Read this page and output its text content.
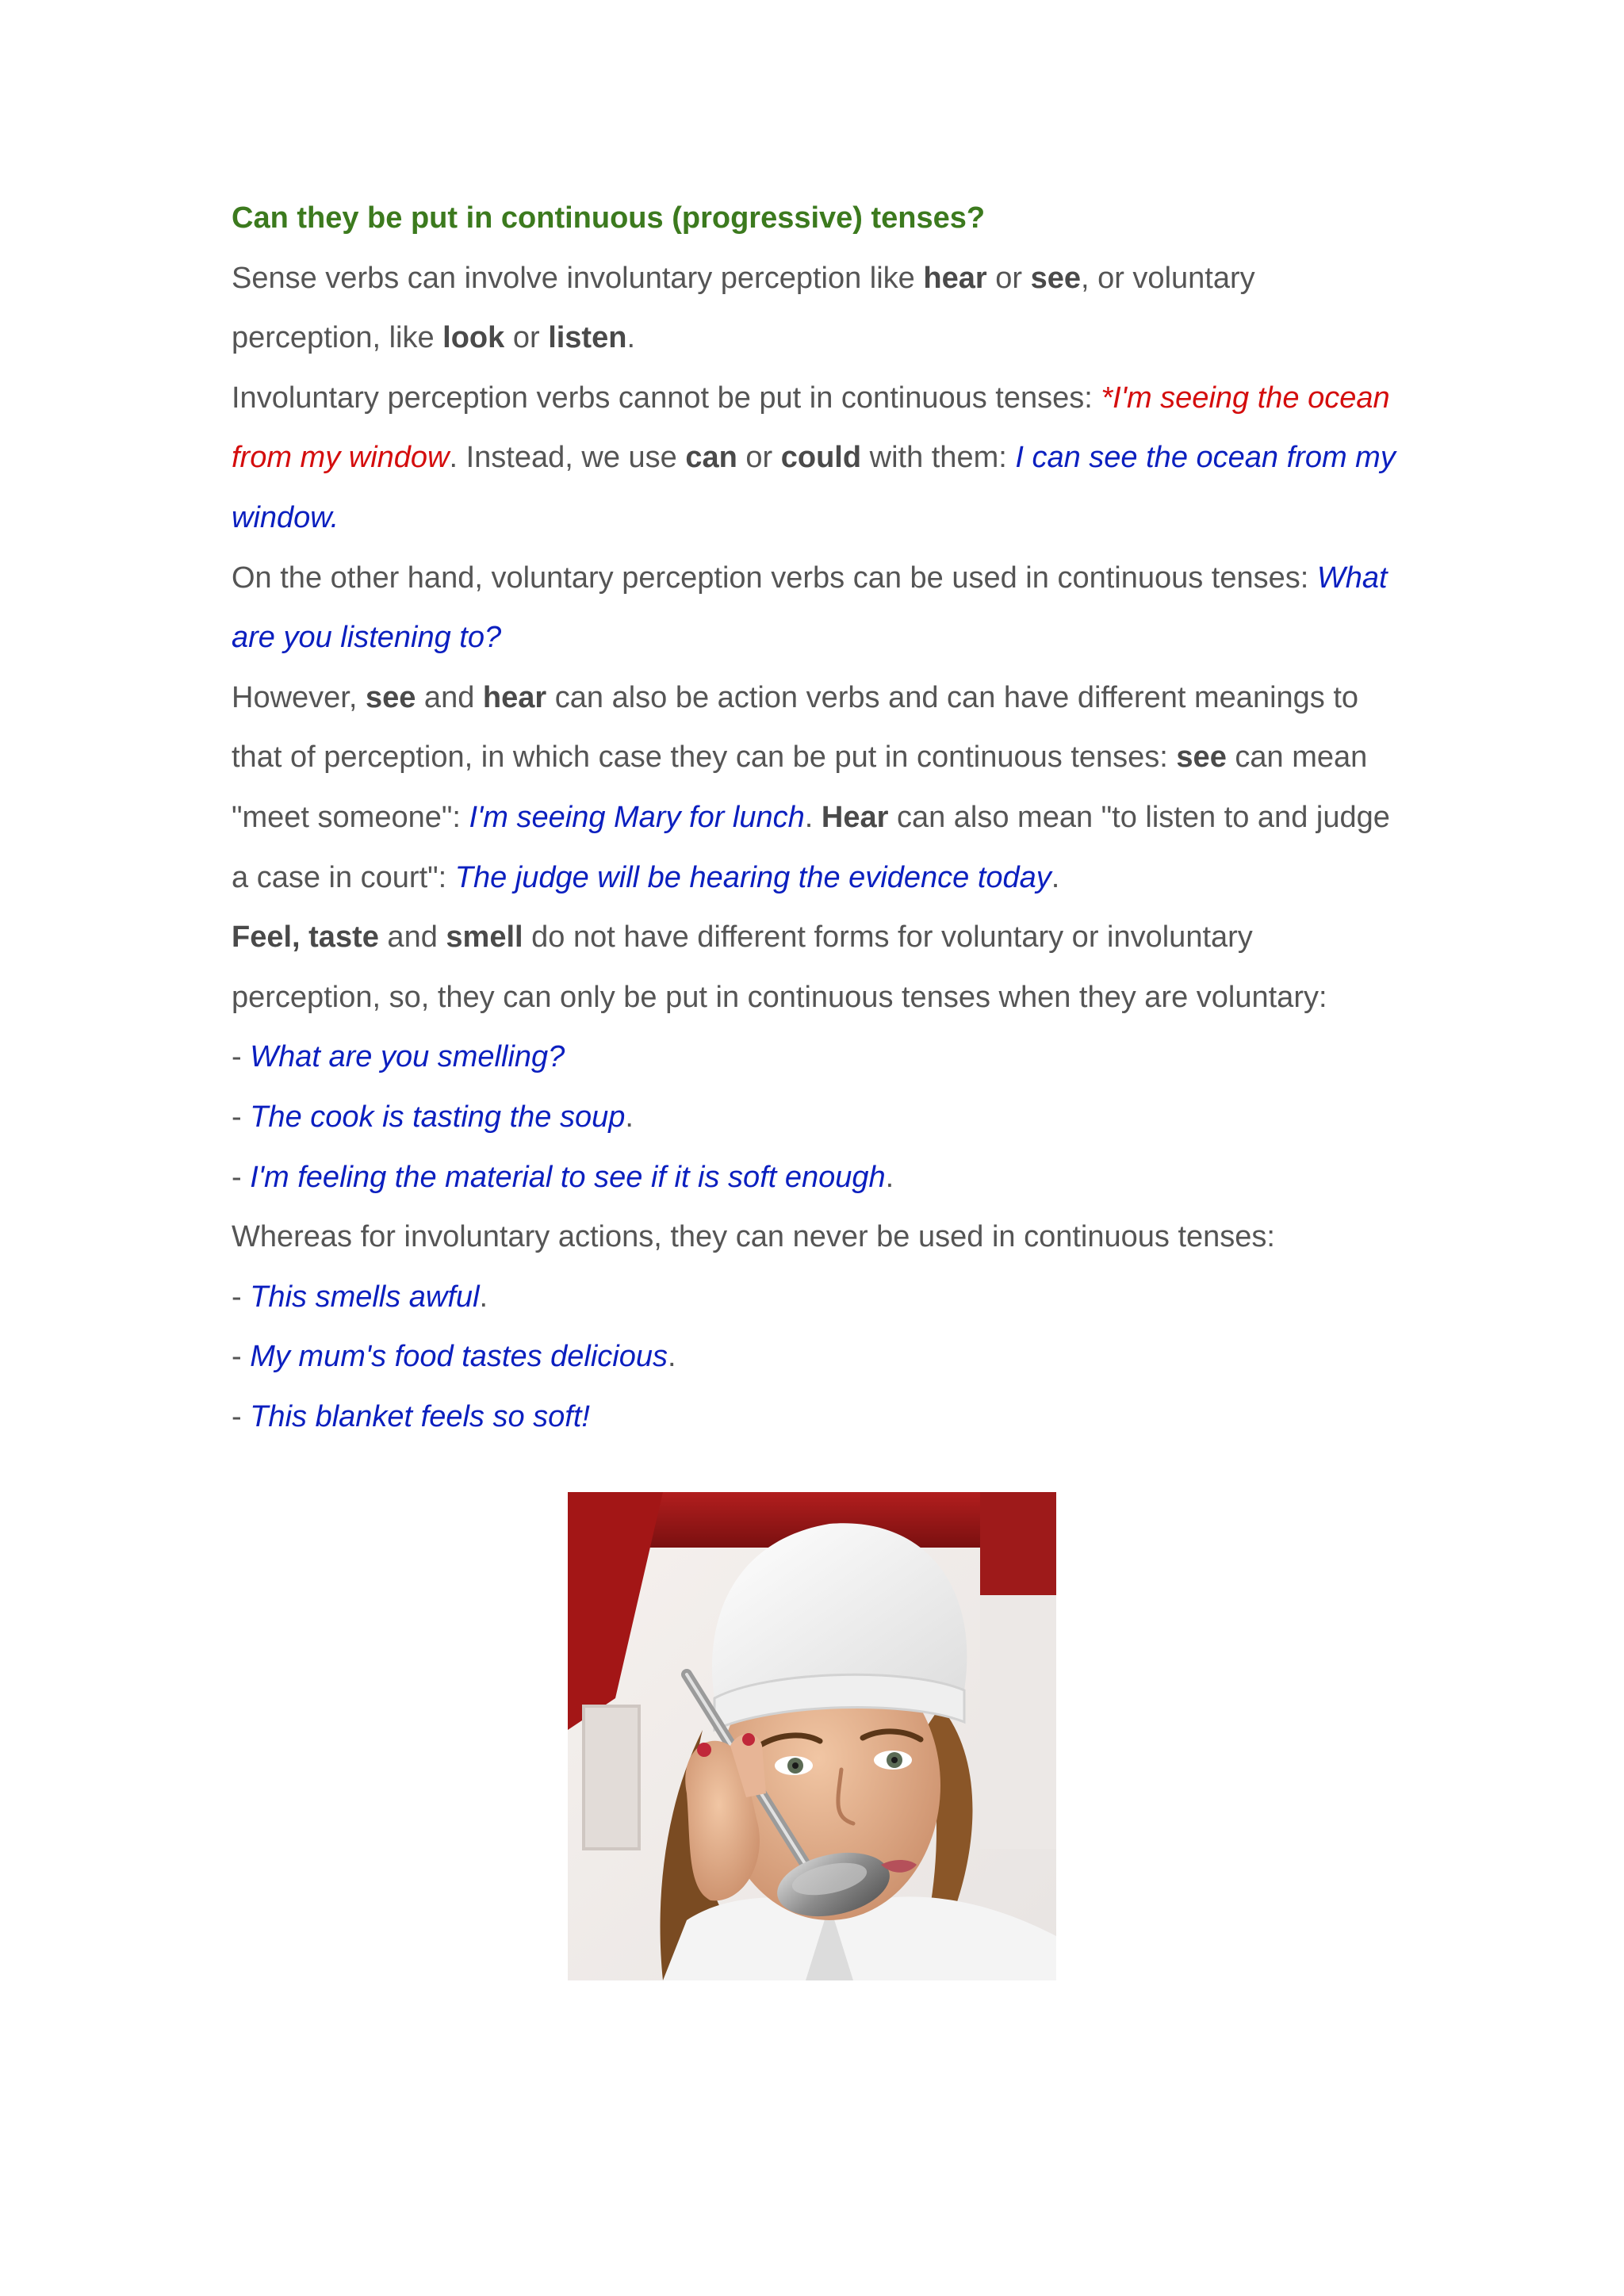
Can they be put in continuous (progressive) tenses?

Sense verbs can involve involuntary perception like hear or see, or voluntary perception, like look or listen.

Involuntary perception verbs cannot be put in continuous tenses: *I'm seeing the ocean from my window. Instead, we use can or could with them: I can see the ocean from my window.

On the other hand, voluntary perception verbs can be used in continuous tenses: What are you listening to?

However, see and hear can also be action verbs and can have different meanings to that of perception, in which case they can be put in continuous tenses: see can mean "meet someone": I'm seeing Mary for lunch. Hear can also mean "to listen to and judge a case in court": The judge will be hearing the evidence today.

Feel, taste and smell do not have different forms for voluntary or involuntary perception, so, they can only be put in continuous tenses when they are voluntary:

- What are you smelling?

- The cook is tasting the soup.

- I'm feeling the material to see if it is soft enough.

Whereas for involuntary actions, they can never be used in continuous tenses:

- This smells awful.

- My mum's food tastes delicious.

- This blanket feels so soft!
